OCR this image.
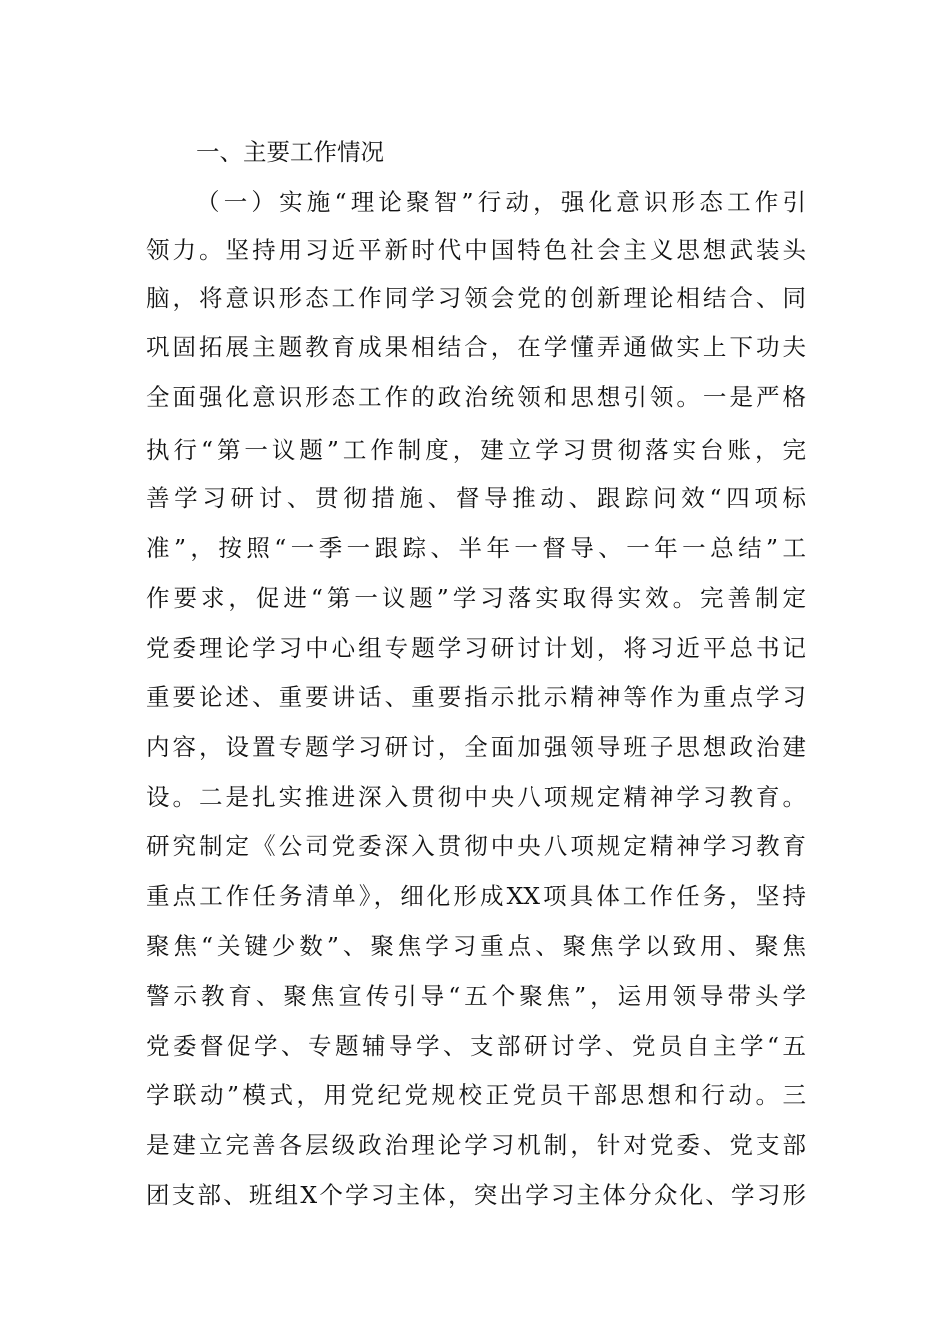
一、主要工作情况
（一）实施“理论聚智”行动，强化意识形态工作引
领力。坚持用习近平新时代中国特色社会主义思想武装头
脑，将意识形态工作同学习领会党的创新理论相结合、同
巩固拓展主题教育成果相结合，在学懂弄通做实上下功夫
全面强化意识形态工作的政治统领和思想引领。一是严格
执行“第一议题”工作制度，建立学习贯彻落实台账，完
善学习研讨、贯彻措施、督导推动、跟踪问效“四项标
准”，按照“一季一跟踪、半年一督导、一年一总结”工
作要求，促进“第一议题”学习落实取得实效。完善制定
党委理论学习中心组专题学习研讨计划，将习近平总书记
重要论述、重要讲话、重要指示批示精神等作为重点学习
内容，设置专题学习研讨，全面加强领导班子思想政治建
设。二是扎实推进深入贯彻中央八项规定精神学习教育。
研究制定《公司党委深入贯彻中央八项规定精神学习教育
重点工作任务清单》，细化形成XX项具体工作任务，坚持
聚焦“关键少数”、聚焦学习重点、聚焦学以致用、聚焦
警示教育、聚焦宣传引导“五个聚焦”，运用领导带头学
党委督促学、专题辅导学、支部研讨学、党员自主学“五
学联动”模式，用党纪党规校正党员干部思想和行动。三
是建立完善各层级政治理论学习机制，针对党委、党支部
团支部、班组X个学习主体，突出学习主体分众化、学习形
